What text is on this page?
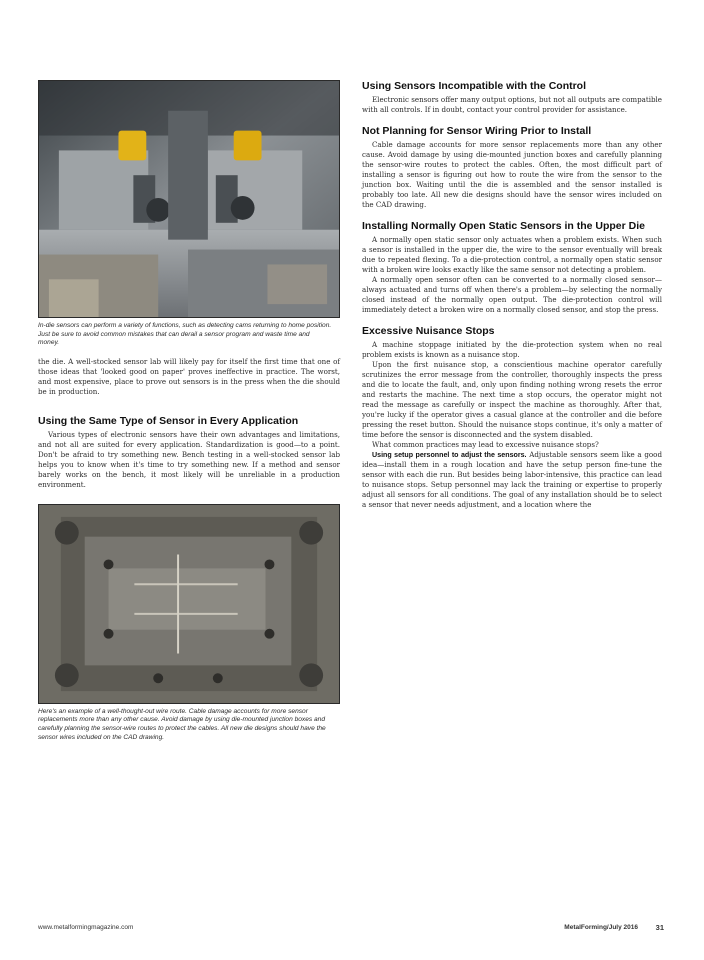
In-die sensors can perform a variety of functions, such as detecting cams returning to home position. Just be sure to avoid common mistakes that can derail a sensor program and waste time and money.

the die. A well-stocked sensor lab will likely pay for itself the first time that one of those ideas that 'looked good on paper' proves ineffective in practice. The worst, and most expensive, place to prove out sensors is in the press when the die should be in production.

Using the Same Type of Sensor in Every Application

Various types of electronic sensors have their own advantages and limitations, and not all are suited for every application. Standardization is good—to a point. Don't be afraid to try something new. Bench testing in a well-stocked sensor lab helps you to know when it's time to try something new. If a method and sensor barely works on the bench, it most likely will be unreliable in a production environment.

Here's an example of a well-thought-out wire route. Cable damage accounts for more sensor replacements more than any other cause. Avoid damage by using die-mounted junction boxes and carefully planning the sensor-wire routes to protect the cables. All new die designs should have the sensor wires included on the CAD drawing.
Using Sensors Incompatible with the Control

Electronic sensors offer many output options, but not all outputs are compatible with all controls. If in doubt, contact your control provider for assistance.

Not Planning for Sensor Wiring Prior to Install

Cable damage accounts for more sensor replacements more than any other cause. Avoid damage by using die-mounted junction boxes and carefully planning the sensor-wire routes to protect the cables. Often, the most difficult part of installing a sensor is figuring out how to route the wire from the sensor to the junction box. Waiting until the die is assembled and the sensor installed is probably too late. All new die designs should have the sensor wires included on the CAD drawing.

Installing Normally Open Static Sensors in the Upper Die

A normally open static sensor only actuates when a problem exists. When such a sensor is installed in the upper die, the wire to the sensor eventually will break due to repeated flexing. To a die-protection control, a normally open static sensor with a broken wire looks exactly like the same sensor not detecting a problem.

A normally open sensor often can be converted to a normally closed sensor—always actuated and turns off when there's a problem—by selecting the normally closed instead of the normally open output. The die-protection control will immediately detect a broken wire on a normally closed sensor, and stop the press.

Excessive Nuisance Stops

A machine stoppage initiated by the die-protection system when no real problem exists is known as a nuisance stop.

Upon the first nuisance stop, a conscientious machine operator carefully scrutinizes the error message from the controller, thoroughly inspects the press and die to locate the fault, and, only upon finding nothing wrong resets the error and restarts the machine. The next time a stop occurs, the operator might not read the message as carefully or inspect the machine as thoroughly. After that, you're lucky if the operator gives a casual glance at the controller and die before pressing the reset button. Should the nuisance stops continue, it's only a matter of time before the sensor is disconnected and the system disabled.

What common practices may lead to excessive nuisance stops?

Using setup personnel to adjust the sensors. Adjustable sensors seem like a good idea—install them in a rough location and have the setup person fine-tune the sensor with each die run. But besides being labor-intensive, this practice can lead to nuisance stops. Setup personnel may lack the training or expertise to properly adjust all sensors for all conditions. The goal of any installation should be to select a sensor that never needs adjustment, and a location where the

www.metalformingmagazine.com	MetalForming/July 2016 31
